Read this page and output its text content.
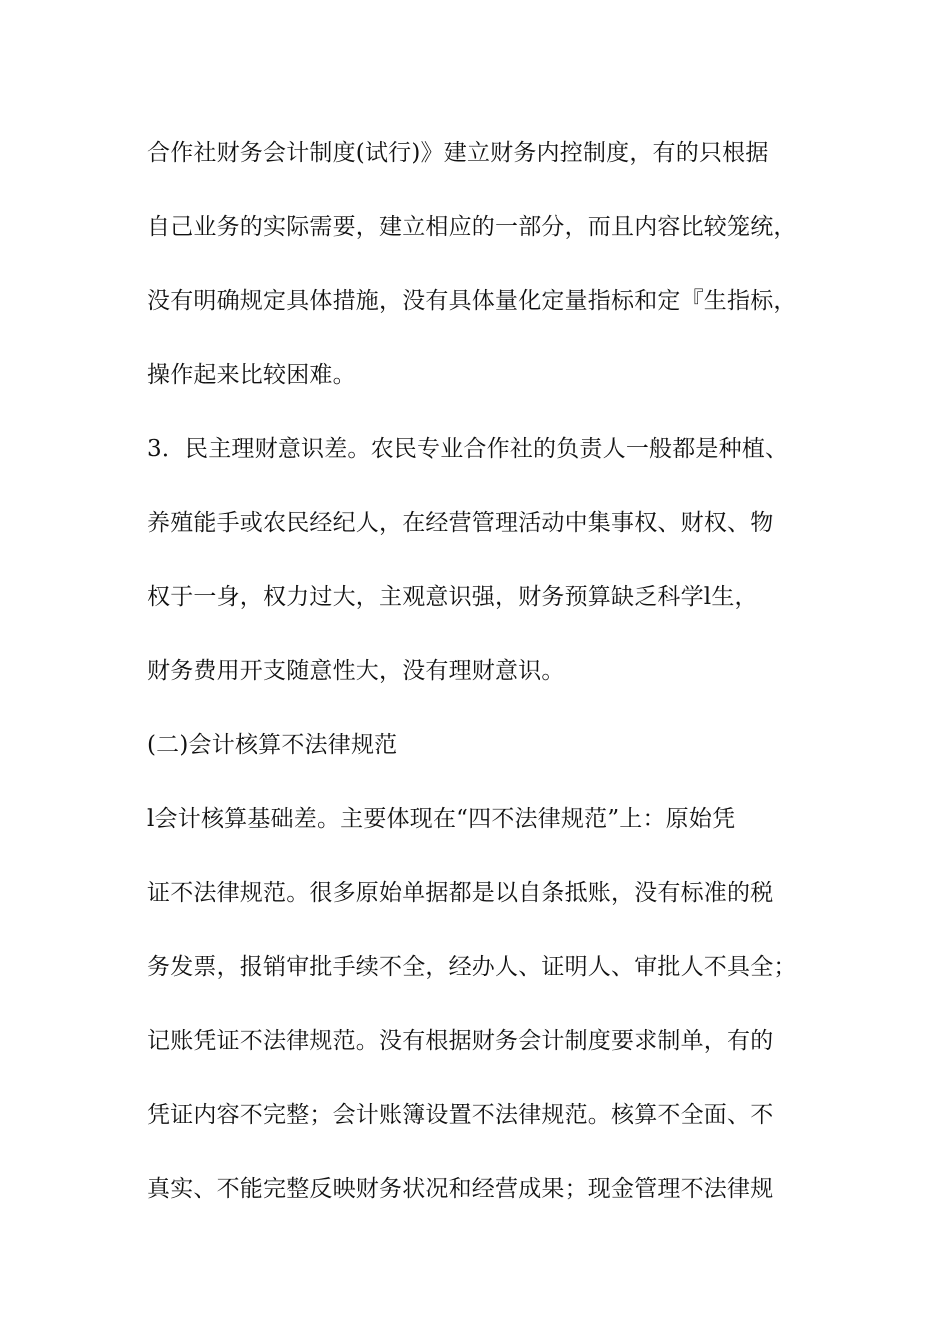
合作社财务会计制度(试行)》建立财务内控制度，有的只根据
自己业务的实际需要，建立相应的一部分，而且内容比较笼统，
没有明确规定具体措施，没有具体量化定量指标和定『生指标，
操作起来比较困难。
3．民主理财意识差。农民专业合作社的负责人一般都是种植、
养殖能手或农民经纪人，在经营管理活动中集事权、财权、物
权于一身，权力过大，主观意识强，财务预算缺乏科学l生，
财务费用开支随意性大，没有理财意识。
(二)会计核算不法律规范
l会计核算基础差。主要体现在“四不法律规范”上：原始凭
证不法律规范。很多原始单据都是以自条抵账，没有标准的税
务发票，报销审批手续不全，经办人、证明人、审批人不具全；
记账凭证不法律规范。没有根据财务会计制度要求制单，有的
凭证内容不完整；会计账簿设置不法律规范。核算不全面、不
真实、不能完整反映财务状况和经营成果；现金管理不法律规
